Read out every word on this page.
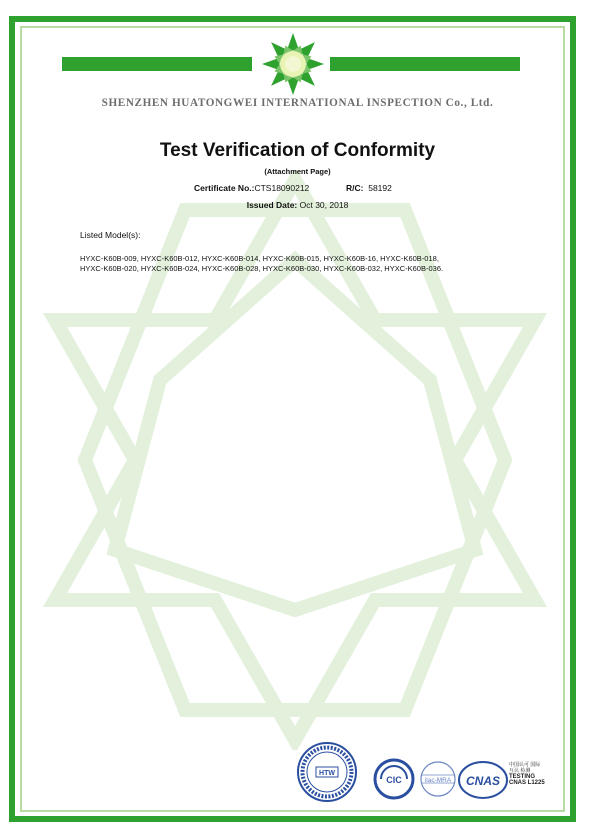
SHENZHEN HUATONGWEI INTERNATIONAL INSPECTION Co., Ltd.
Test Verification of Conformity
(Attachment Page)
Certificate No.:CTS18090212	R/C: 58192
Issued Date: Oct 30, 2018
Listed Model(s):
HYXC-K60B-009, HYXC-K60B-012, HYXC-K60B-014, HYXC-K60B-015, HYXC-K60B-16, HYXC-K60B-018,
HYXC-K60B-020, HYXC-K60B-024, HYXC-K60B-028, HYXC-K60B-030, HYXC-K60B-032, HYXC-K60B-036.
HTW
CIC	ilac-MRA CNAS
中国认可 国际互认 检测
TESTING
CNAS L1225
